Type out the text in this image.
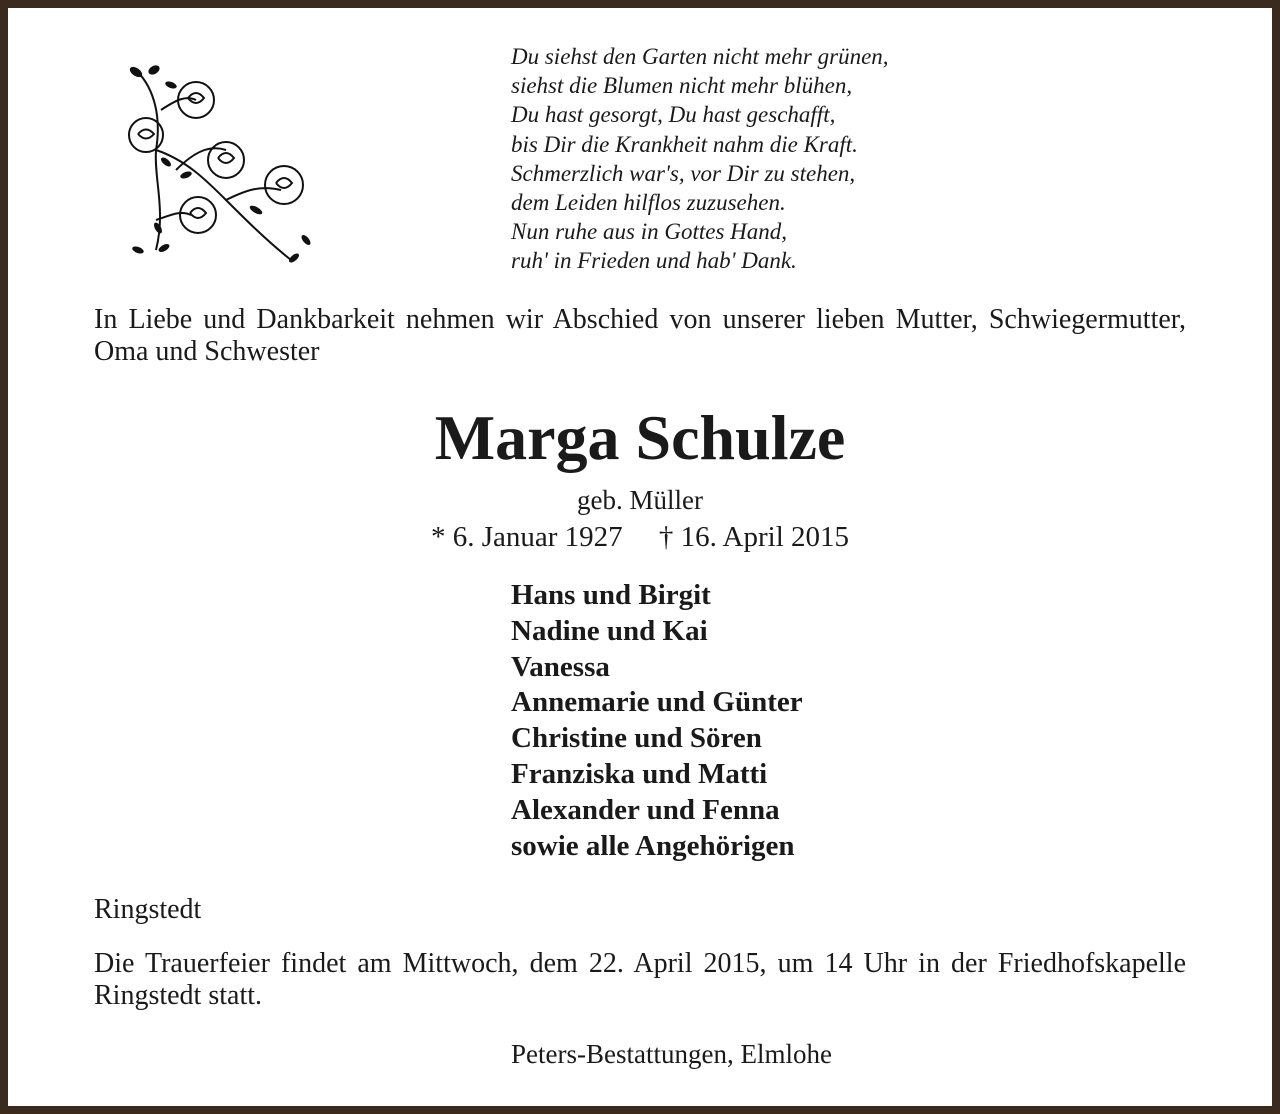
Du siehst den Garten nicht mehr grünen,
siehst die Blumen nicht mehr blühen,
Du hast gesorgt, Du hast geschafft,
bis Dir die Krankheit nahm die Kraft.
Schmerzlich war's, vor Dir zu stehen,
dem Leiden hilflos zuzusehen.
Nun ruhe aus in Gottes Hand,
ruh' in Frieden und hab' Dank.
In Liebe und Dankbarkeit nehmen wir Abschied von unserer lieben Mutter, Schwiegermutter, Oma und Schwester
Marga Schulze
geb. Müller
* 6. Januar 1927 † 16. April 2015
Hans und Birgit
Nadine und Kai
Vanessa
Annemarie und Günter
Christine und Sören
Franziska und Matti
Alexander und Fenna
sowie alle Angehörigen
Ringstedt
Die Trauerfeier findet am Mittwoch, dem 22. April 2015, um 14 Uhr in der Friedhofskapelle Ringstedt statt.
Peters-Bestattungen, Elmlohe
